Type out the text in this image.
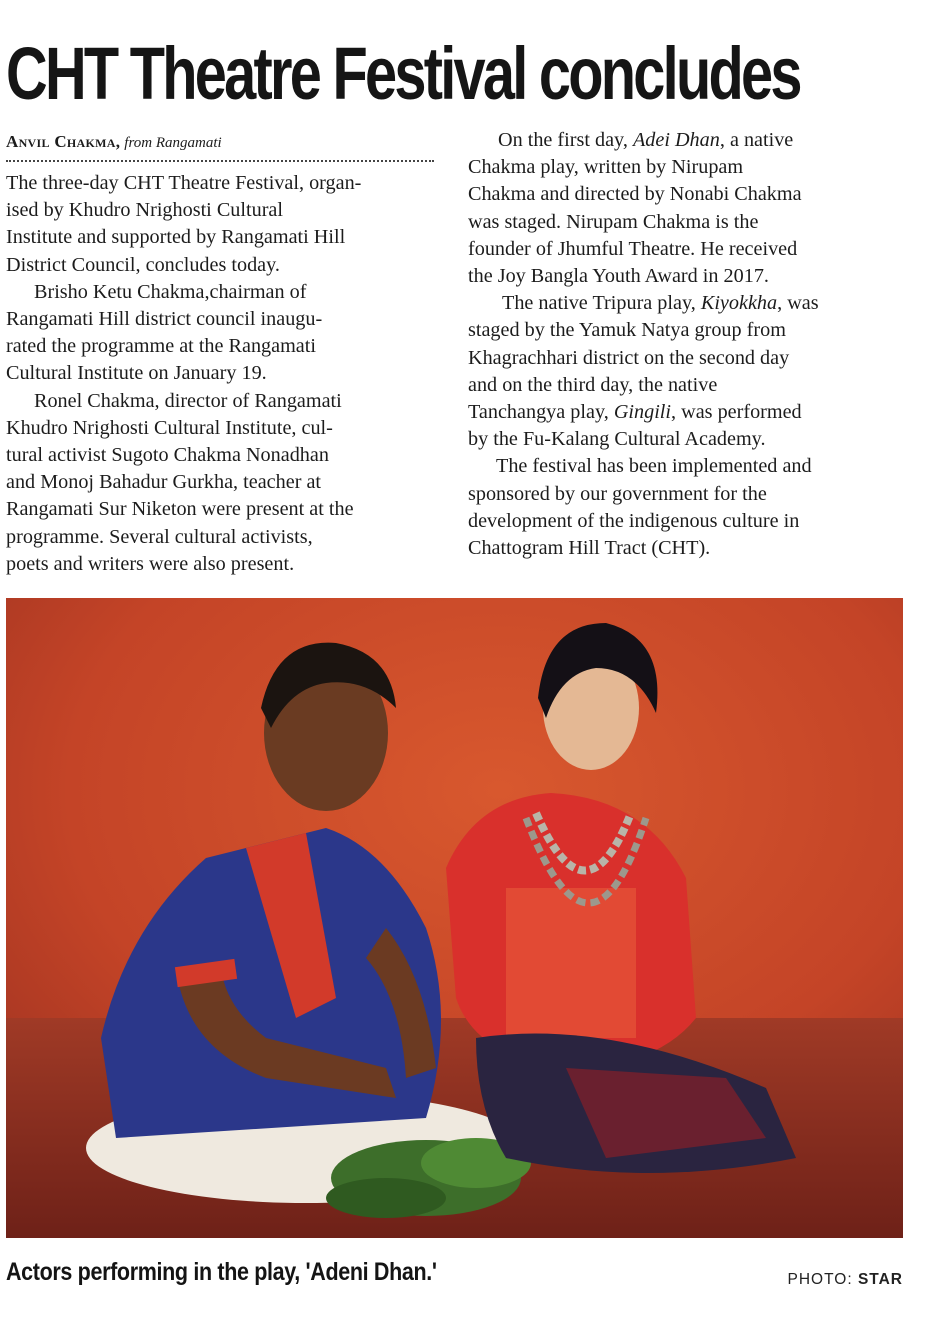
CHT Theatre Festival concludes

Anvil Chakma, from Rangamati

The three-day CHT Theatre Festival, organ-
ised by Khudro Nrighosti Cultural
Institute and supported by Rangamati Hill
District Council, concludes today.

Brisho Ketu Chakma,chairman of
Rangamati Hill district council inaugu-
rated the programme at the Rangamati
Cultural Institute on January 19.

Ronel Chakma, director of Rangamati
Khudro Nrighosti Cultural Institute, cul-
tural activist Sugoto Chakma Nonadhan
and Monoj Bahadur Gurkha, teacher at
Rangamati Sur Niketon were present at the
programme. Several cultural activists,
poets and writers were also present.

On the first day, Adei Dhan, a native
Chakma play, written by Nirupam
Chakma and directed by Nonabi Chakma
was staged. Nirupam Chakma is the
founder of Jhumful Theatre. He received
the Joy Bangla Youth Award in 2017.

The native Tripura play, Kiyokkha, was
staged by the Yamuk Natya group from
Khagrachhari district on the second day
and on the third day, the native
Tanchangya play, Gingili, was performed
by the Fu-Kalang Cultural Academy.

The festival has been implemented and
sponsored by our government for the
development of the indigenous culture in
Chattogram Hill Tract (CHT).

Actors performing in the play, 'Adeni Dhan.'	PHOTO: STAR
